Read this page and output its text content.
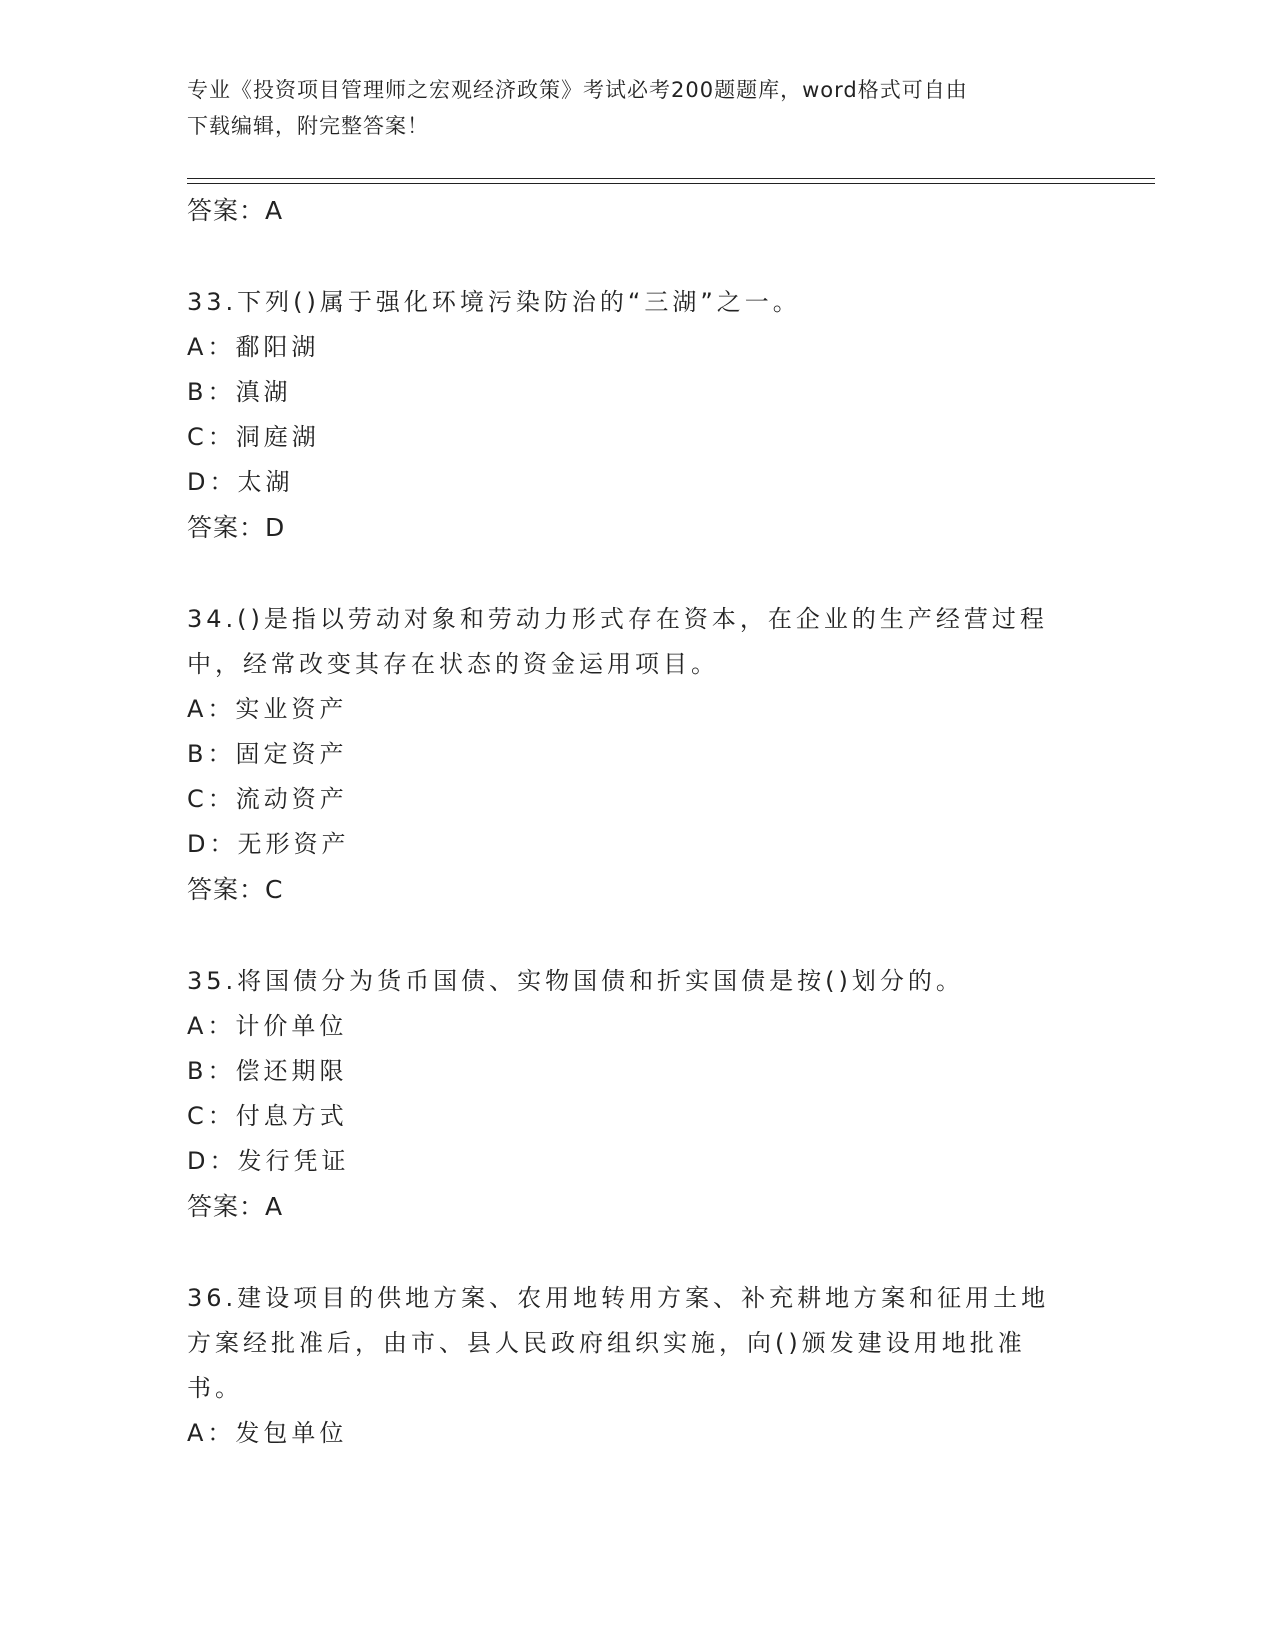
专业《投资项目管理师之宏观经济政策》考试必考200题题库，word格式可自由
下载编辑，附完整答案！
答案：A
33.下列()属于强化环境污染防治的“三湖”之一。
A：鄱阳湖
B：滇湖
C：洞庭湖
D：太湖
答案：D
34.()是指以劳动对象和劳动力形式存在资本，在企业的生产经营过程
中，经常改变其存在状态的资金运用项目。
A：实业资产
B：固定资产
C：流动资产
D：无形资产
答案：C
35.将国债分为货币国债、实物国债和折实国债是按()划分的。
A：计价单位
B：偿还期限
C：付息方式
D：发行凭证
答案：A
36.建设项目的供地方案、农用地转用方案、补充耕地方案和征用土地
方案经批准后，由市、县人民政府组织实施，向()颁发建设用地批准
书。
A：发包单位
